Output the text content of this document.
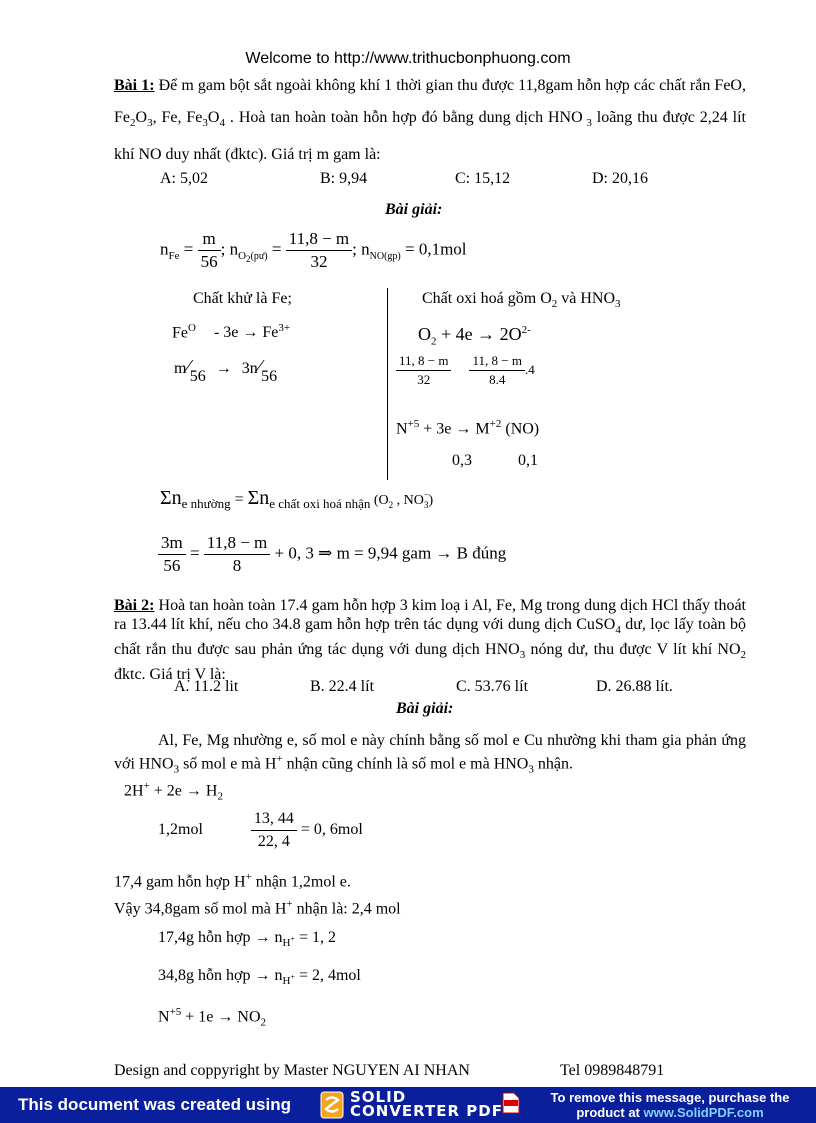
Welcome to http://www.trithucbonphuong.com
Bài 1: Để m gam bột sắt ngoài không khí 1 thời gian thu được 11,8gam hỗn hợp các chất rắn FeO, $Fe_2O_3$, Fe, $Fe_3O_4$ . Hoà tan hoàn toàn hỗn hợp đó bằng dung dịch HNO $_3$ loãng thu được 2,24 lít khí NO duy nhất (đktc). Giá trị m gam là:
A: 5,02	B: 9,94	C: 15,12	D: 20,16
Bài giải:
$n_{Fe} = \frac{m}{56}$ ; $n_{O_2(pư)} = \frac{11,8 - m}{32}$ ; $n_{NO(gp)} = 0,1mol$
Chất khử là Fe;
$Fe^O - 3e \to Fe^{3+}$
m⁄56 → 3n⁄56
Chất oxi hoá gồm $O_2$ và $HNO_3$
$O_2 + 4e \to 2O^{2-}$
$\frac{11, 8 - m}{32}$
$\frac{11, 8 - m}{8.4} .4$
$N^{+5} + 3e \to M^{+2}$ (NO)
0,3	0,1
$\Sigma n_{e nhường} = \Sigma n_{e chất oxi hoá nhận}$ ($O_2$ , $NO^-_3$)
$\frac{3m}{56} = \frac{11,8 - m}{8} + 0$, 3 ⇒ m = 9,94 gam → B đúng
Bài 2: Hoà tan hoàn toàn 17.4 gam hỗn hợp 3 kim loạ i Al, Fe, Mg trong dung dịch HCl thấy thoát ra 13.44 lít khí, nếu cho 34.8 gam hỗn hợp trên tác dụng với dung dịch CuSO$_4$ dư, lọc lấy toàn bộ chất rắn thu được sau phản ứng tác dụng với dung dịch $HNO_3$ nóng dư, thu được V lít khí $NO_2$ đktc. Giá trị V là:
A. 11.2 lit	B. 22.4 lít	C. 53.76 lít	D. 26.88 lít.
Bài giải:
Al, Fe, Mg nhường e, số mol e này chính bằng số mol e Cu nhường khi tham gia phản ứng với $HNO_3$ số mol e mà H+ nhận cũng chính là số mol e mà $HNO_3$ nhận.
$2H^+ + 2e \to H_2$
1,2mol	$\frac{13, 44}{22, 4} = 0$, 6mol
17,4 gam hỗn hợp H+ nhận 1,2mol e.
Vậy 34,8gam số mol mà H+ nhận là: 2,4 mol
17,4g hỗn hợp → $n_{H^+} = 1$, 2
34,8g hỗn hợp → $n_{H^+} = 2$, 4mol
$N^{+5} + 1e \to NO_2$
Design and coppyright by Master NGUYEN AI NHAN	Tel 0989848791
This document was created using	SOLID
CONVERTER PDF
To remove this message, purchase the product at www.SolidPDF.com
